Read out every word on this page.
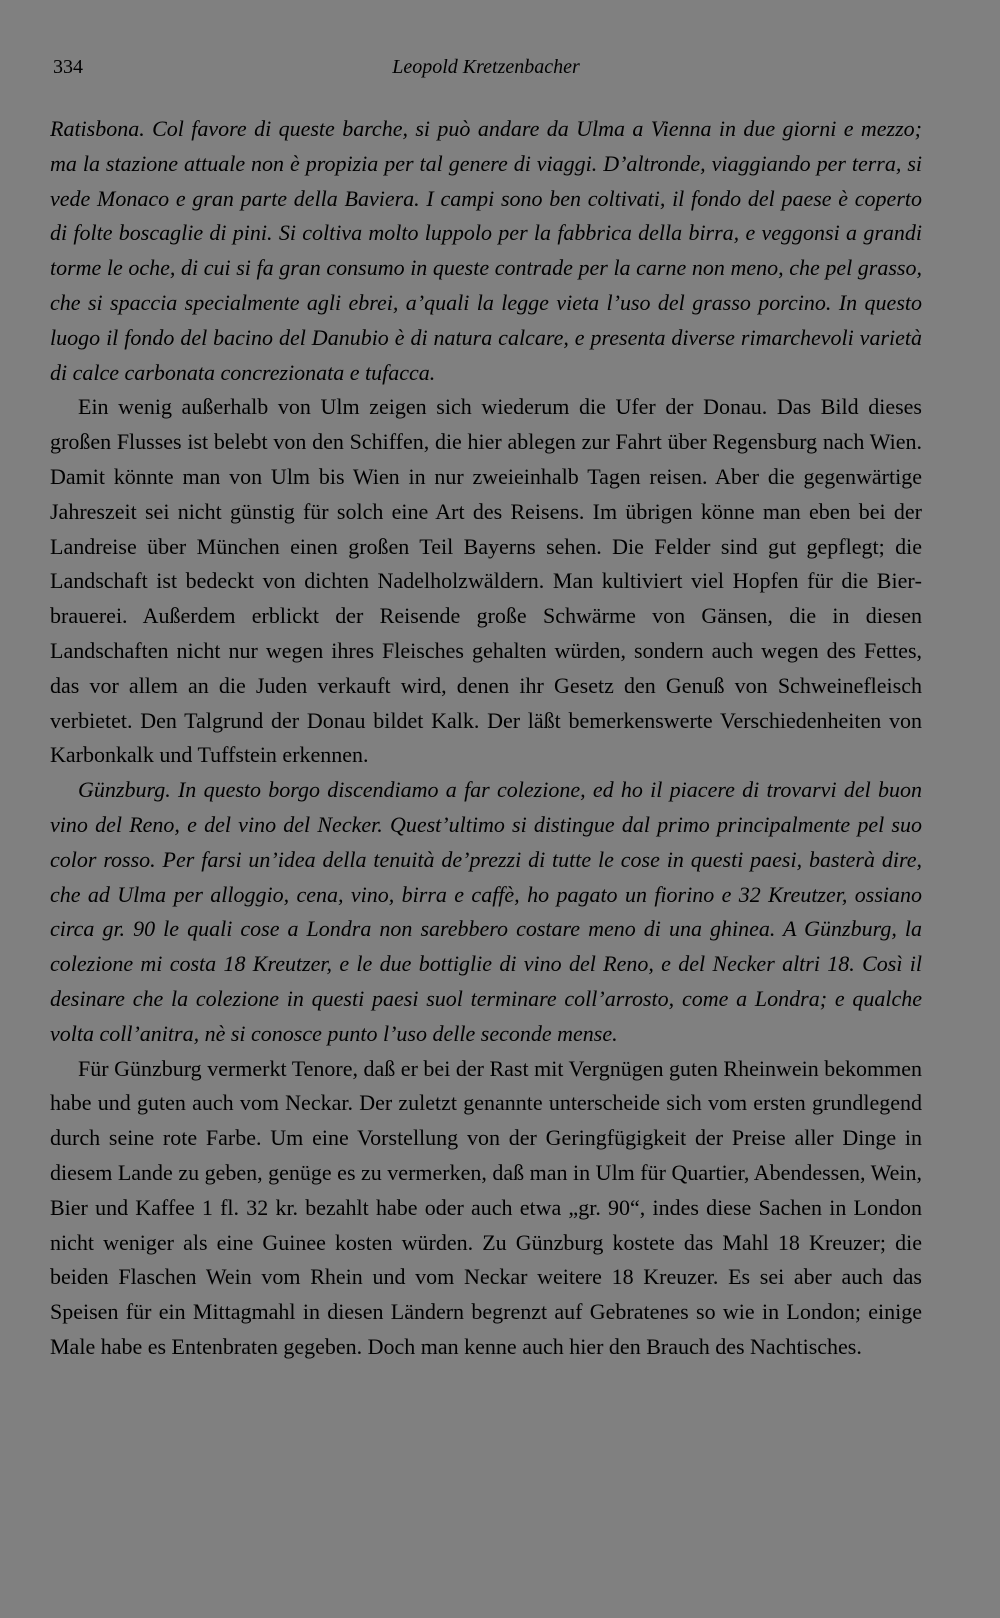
334	Leopold Kretzenbacher

Ratisbona. Col favore di queste barche, si può andare da Ulma a Vienna in due giorni e mezzo; ma la stazione attuale non è propizia per tal genere di viaggi. D’altronde, viaggiando per terra, si vede Monaco e gran parte della Baviera. I campi sono ben coltivati, il fondo del paese è coperto di folte boscaglie di pini. Si coltiva molto luppolo per la fabbrica della birra, e veggonsi a grandi torme le oche, di cui si fa gran consumo in queste contrade per la carne non meno, che pel grasso, che si spaccia specialmente agli ebrei, a’quali la legge vieta l’uso del grasso porcino. In questo luogo il fondo del bacino del Danubio è di natura calcare, e presenta diverse rimarchevoli varietà di calce carbonata concrezionata e tufacca.

Ein wenig außerhalb von Ulm zeigen sich wiederum die Ufer der Donau. Das Bild dieses großen Flusses ist belebt von den Schiffen, die hier ablegen zur Fahrt über Regensburg nach Wien. Damit könnte man von Ulm bis Wien in nur zweieinhalb Tagen reisen. Aber die gegenwärtige Jahreszeit sei nicht günstig für solch eine Art des Reisens. Im übrigen könne man eben bei der Landreise über München einen großen Teil Bayerns sehen. Die Felder sind gut gepflegt; die Landschaft ist bedeckt von dichten Nadelholzwäldern. Man kultiviert viel Hopfen für die Bierbrauerei. Außerdem erblickt der Reisende große Schwärme von Gänsen, die in diesen Landschaften nicht nur wegen ihres Fleisches gehalten würden, sondern auch wegen des Fettes, das vor allem an die Juden verkauft wird, denen ihr Gesetz den Genuß von Schweinefleisch verbietet. Den Talgrund der Donau bildet Kalk. Der läßt bemerkenswerte Verschiedenheiten von Karbonkalk und Tuffstein erkennen.

Günzburg. In questo borgo discendiamo a far colezione, ed ho il piacere di trovarvi del buon vino del Reno, e del vino del Necker. Quest’ultimo si distingue dal primo principalmente pel suo color rosso. Per farsi un’idea della tenuità de’prezzi di tutte le cose in questi paesi, basterà dire, che ad Ulma per alloggio, cena, vino, birra e caffè, ho pagato un fiorino e 32 Kreutzer, ossiano circa gr. 90 le quali cose a Londra non sarebbero costare meno di una ghinea. A Günzburg, la colezione mi costa 18 Kreutzer, e le due bottiglie di vino del Reno, e del Necker altri 18. Così il desinare che la colezione in questi paesi suol terminare coll’arrosto, come a Londra; e qualche volta coll’anitra, nè si conosce punto l’uso delle seconde mense.

Für Günzburg vermerkt Tenore, daß er bei der Rast mit Vergnügen guten Rheinwein bekommen habe und guten auch vom Neckar. Der zuletzt genannte unterscheide sich vom ersten grundlegend durch seine rote Farbe. Um eine Vorstellung von der Geringfügigkeit der Preise aller Dinge in diesem Lande zu geben, genüge es zu vermerken, daß man in Ulm für Quartier, Abendessen, Wein, Bier und Kaffee 1 fl. 32 kr. bezahlt habe oder auch etwa „gr. 90“, indes diese Sachen in London nicht weniger als eine Guinee kosten würden. Zu Günzburg kostete das Mahl 18 Kreuzer; die beiden Flaschen Wein vom Rhein und vom Neckar weitere 18 Kreuzer. Es sei aber auch das Speisen für ein Mittagmahl in diesen Ländern begrenzt auf Gebratenes so wie in London; einige Male habe es Entenbraten gegeben. Doch man kenne auch hier den Brauch des Nachtisches.
